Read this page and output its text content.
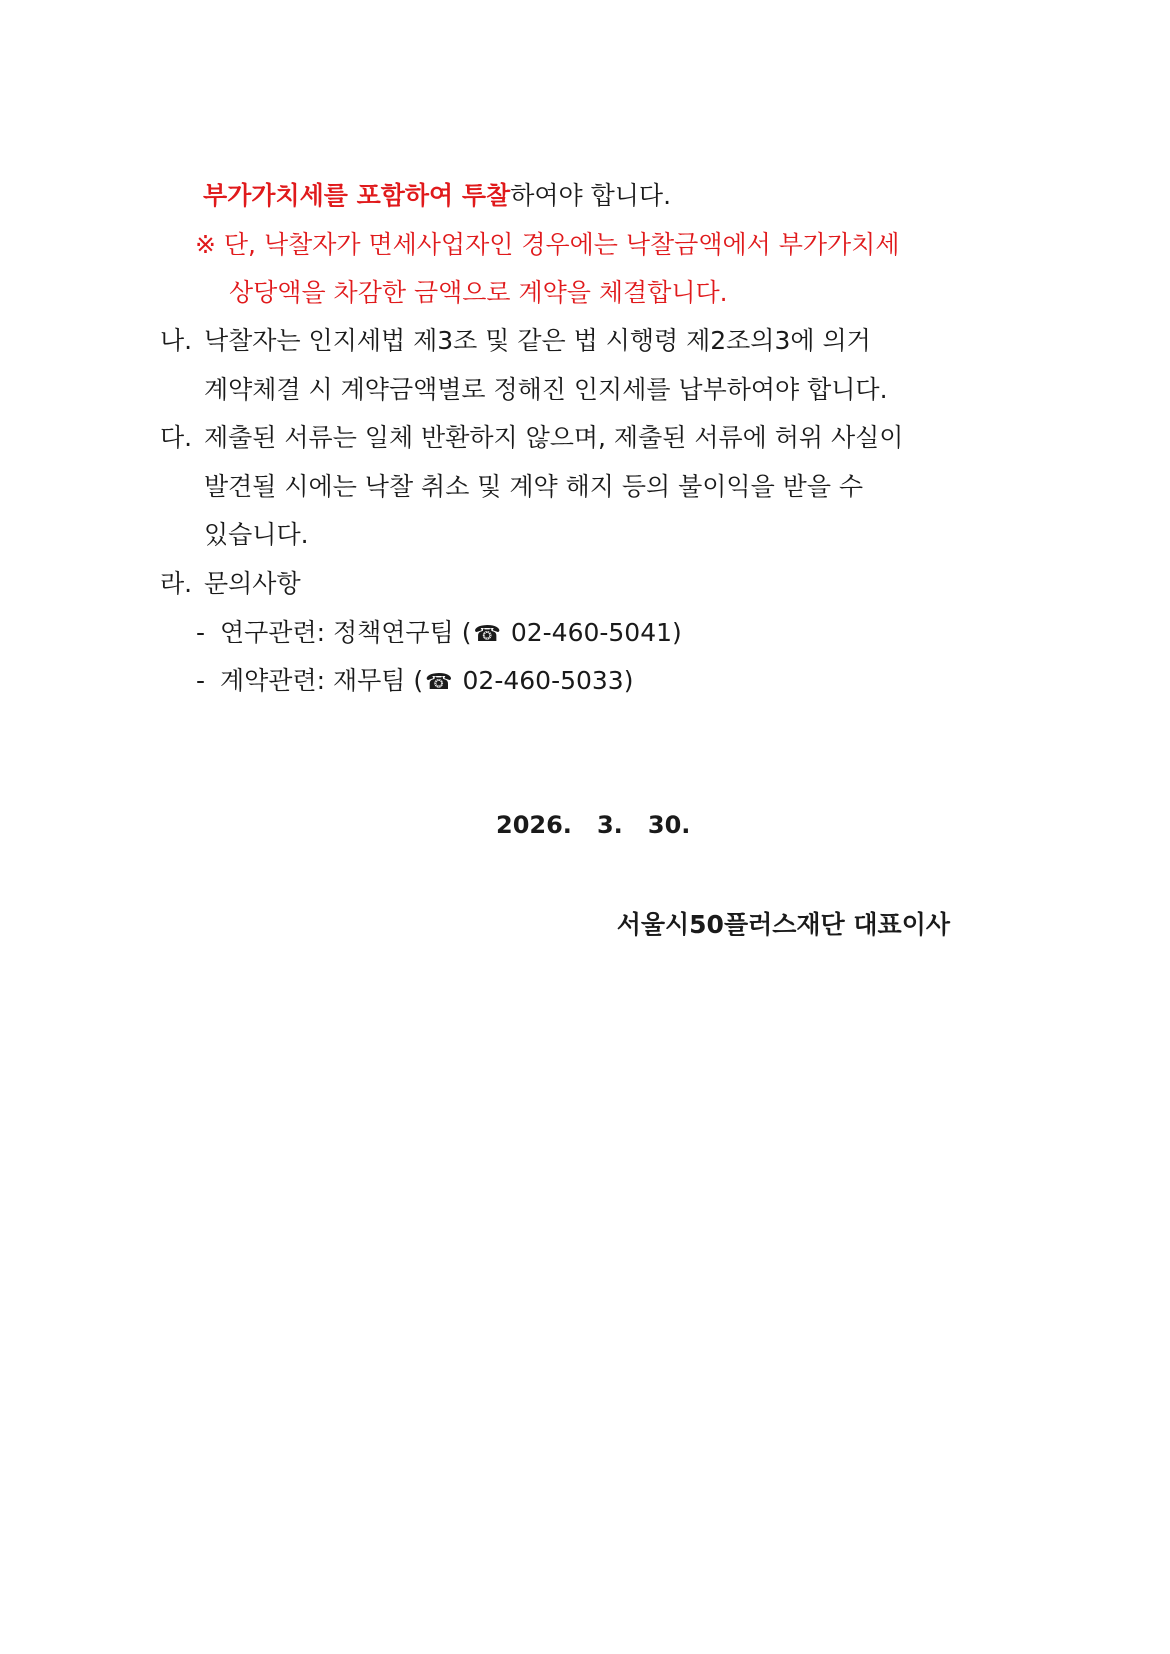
부가가치세를 포함하여 투찰하여야 합니다.
※ 단, 낙찰자가 면세사업자인 경우에는 낙찰금액에서 부가가치세
상당액을 차감한 금액으로 계약을 체결합니다.
나. 낙찰자는 인지세법 제3조 및 같은 법 시행령 제2조의3에 의거
계약체결 시 계약금액별로 정해진 인지세를 납부하여야 합니다.
다. 제출된 서류는 일체 반환하지 않으며, 제출된 서류에 허위 사실이
발견될 시에는 낙찰 취소 및 계약 해지 등의 불이익을 받을 수
있습니다.
라. 문의사항
- 연구관련: 정책연구팀 (☎ 02-460-5041)
- 계약관련: 재무팀 (☎ 02-460-5033)
2026.   3.   30.
서울시50플러스재단 대표이사
